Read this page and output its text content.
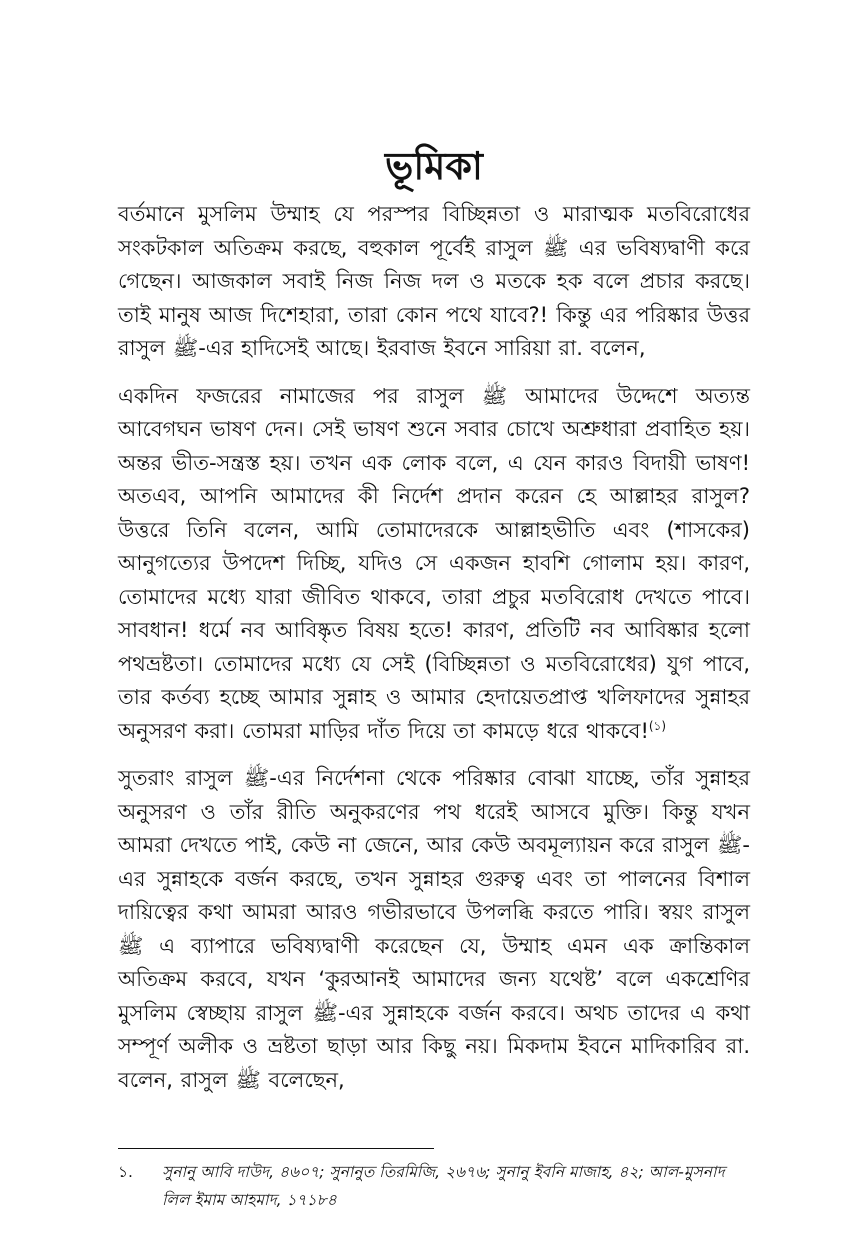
ভূমিকা

বর্তমানে মুসলিম উম্মাহ যে পরস্পর বিচ্ছিন্নতা ও মারাত্মক মতবিরোধের সংকটকাল অতিক্রম করছে, বহুকাল পূর্বেই রাসুল ﷺ এর ভবিষ্যদ্বাণী করে গেছেন। আজকাল সবাই নিজ নিজ দল ও মতকে হক বলে প্রচার করছে। তাই মানুষ আজ দিশেহারা, তারা কোন পথে যাবে?! কিন্তু এর পরিষ্কার উত্তর রাসুল ﷺ-এর হাদিসেই আছে। ইরবাজ ইবনে সারিয়া রা. বলেন,

একদিন ফজরের নামাজের পর রাসুল ﷺ আমাদের উদ্দেশে অত্যন্ত আবেগঘন ভাষণ দেন। সেই ভাষণ শুনে সবার চোখে অশ্রুধারা প্রবাহিত হয়। অন্তর ভীত-সন্ত্রস্ত হয়। তখন এক লোক বলে, এ যেন কারও বিদায়ী ভাষণ! অতএব, আপনি আমাদের কী নির্দেশ প্রদান করেন হে আল্লাহর রাসুল? উত্তরে তিনি বলেন, আমি তোমাদেরকে আল্লাহভীতি এবং (শাসকের) আনুগত্যের উপদেশ দিচ্ছি, যদিও সে একজন হাবশি গোলাম হয়। কারণ, তোমাদের মধ্যে যারা জীবিত থাকবে, তারা প্রচুর মতবিরোধ দেখতে পাবে। সাবধান! ধর্মে নব আবিষ্কৃত বিষয় হতে! কারণ, প্রতিটি নব আবিষ্কার হলো পথভ্রষ্টতা। তোমাদের মধ্যে যে সেই (বিচ্ছিন্নতা ও মতবিরোধের) যুগ পাবে, তার কর্তব্য হচ্ছে আমার সুন্নাহ ও আমার হেদায়েতপ্রাপ্ত খলিফাদের সুন্নাহর অনুসরণ করা। তোমরা মাড়ির দাঁত দিয়ে তা কামড়ে ধরে থাকবে!$^{(১)}$

সুতরাং রাসুল ﷺ-এর নির্দেশনা থেকে পরিষ্কার বোঝা যাচ্ছে, তাঁর সুন্নাহর অনুসরণ ও তাঁর রীতি অনুকরণের পথ ধরেই আসবে মুক্তি। কিন্তু যখন আমরা দেখতে পাই, কেউ না জেনে, আর কেউ অবমূল্যায়ন করে রাসুল ﷺ-এর সুন্নাহকে বর্জন করছে, তখন সুন্নাহর গুরুত্ব এবং তা পালনের বিশাল দায়িত্বের কথা আমরা আরও গভীরভাবে উপলব্ধি করতে পারি। স্বয়ং রাসুল ﷺ এ ব্যাপারে ভবিষ্যদ্বাণী করেছেন যে, উম্মাহ এমন এক ক্রান্তিকাল অতিক্রম করবে, যখন ‘কুরআনই আমাদের জন্য যথেষ্ট’ বলে একশ্রেণির মুসলিম স্বেচ্ছায় রাসুল ﷺ-এর সুন্নাহকে বর্জন করবে। অথচ তাদের এ কথা সম্পূর্ণ অলীক ও ভ্রষ্টতা ছাড়া আর কিছু নয়। মিকদাম ইবনে মাদিকারিব রা. বলেন, রাসুল ﷺ বলেছেন,

১.	সুনানু আবি দাউদ, ৪৬০৭; সুনানুত তিরমিজি, ২৬৭৬; সুনানু ইবনি মাজাহ, ৪২; আল-মুসনাদ লিল ইমাম আহমাদ, ১৭১৮৪
